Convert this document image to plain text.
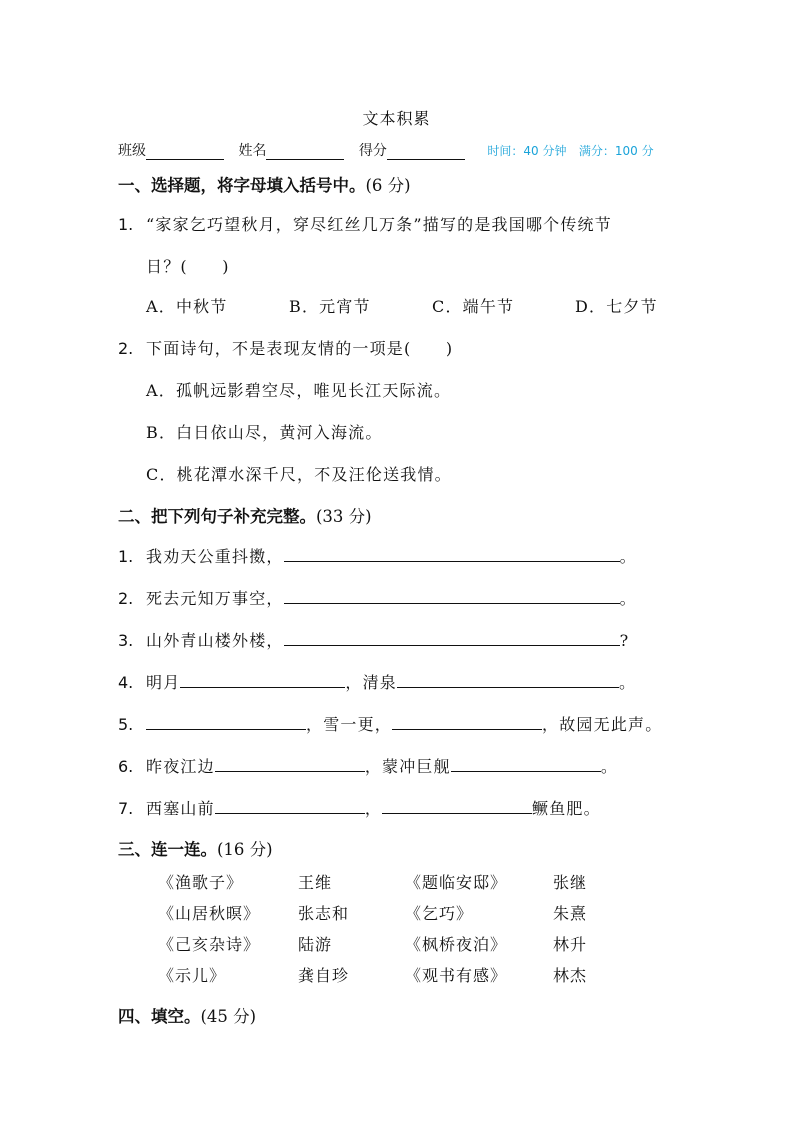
文本积累
班级	姓名	得分	时间：40 分钟 满分：100 分
一、选择题，将字母填入括号中。(6 分)
1. “家家乞巧望秋月，穿尽红丝几万条”描写的是我国哪个传统节
日？(　　)
A．中秋节	B．元宵节	C．端午节	D．七夕节
2. 下面诗句，不是表现友情的一项是(　　)
A．孤帆远影碧空尽，唯见长江天际流。
B．白日依山尽，黄河入海流。
C．桃花潭水深千尺，不及汪伦送我情。
二、把下列句子补充完整。(33 分)
1. 我劝天公重抖擞，	。
2. 死去元知万事空，	。
3. 山外青山楼外楼，	?
4. 明月	，清泉	。
5.	，雪一更，	，故园无此声。
6. 昨夜江边	，蒙冲巨舰	。
7. 西塞山前	，	鳜鱼肥。
三、连一连。(16 分)
《渔歌子》	王维	《题临安邸》	张继
《山居秋暝》 张志和	《乞巧》	朱熹
《己亥杂诗》 陆游	《枫桥夜泊》	林升
《示儿》	龚自珍	《观书有感》	林杰
四、填空。(45 分)
